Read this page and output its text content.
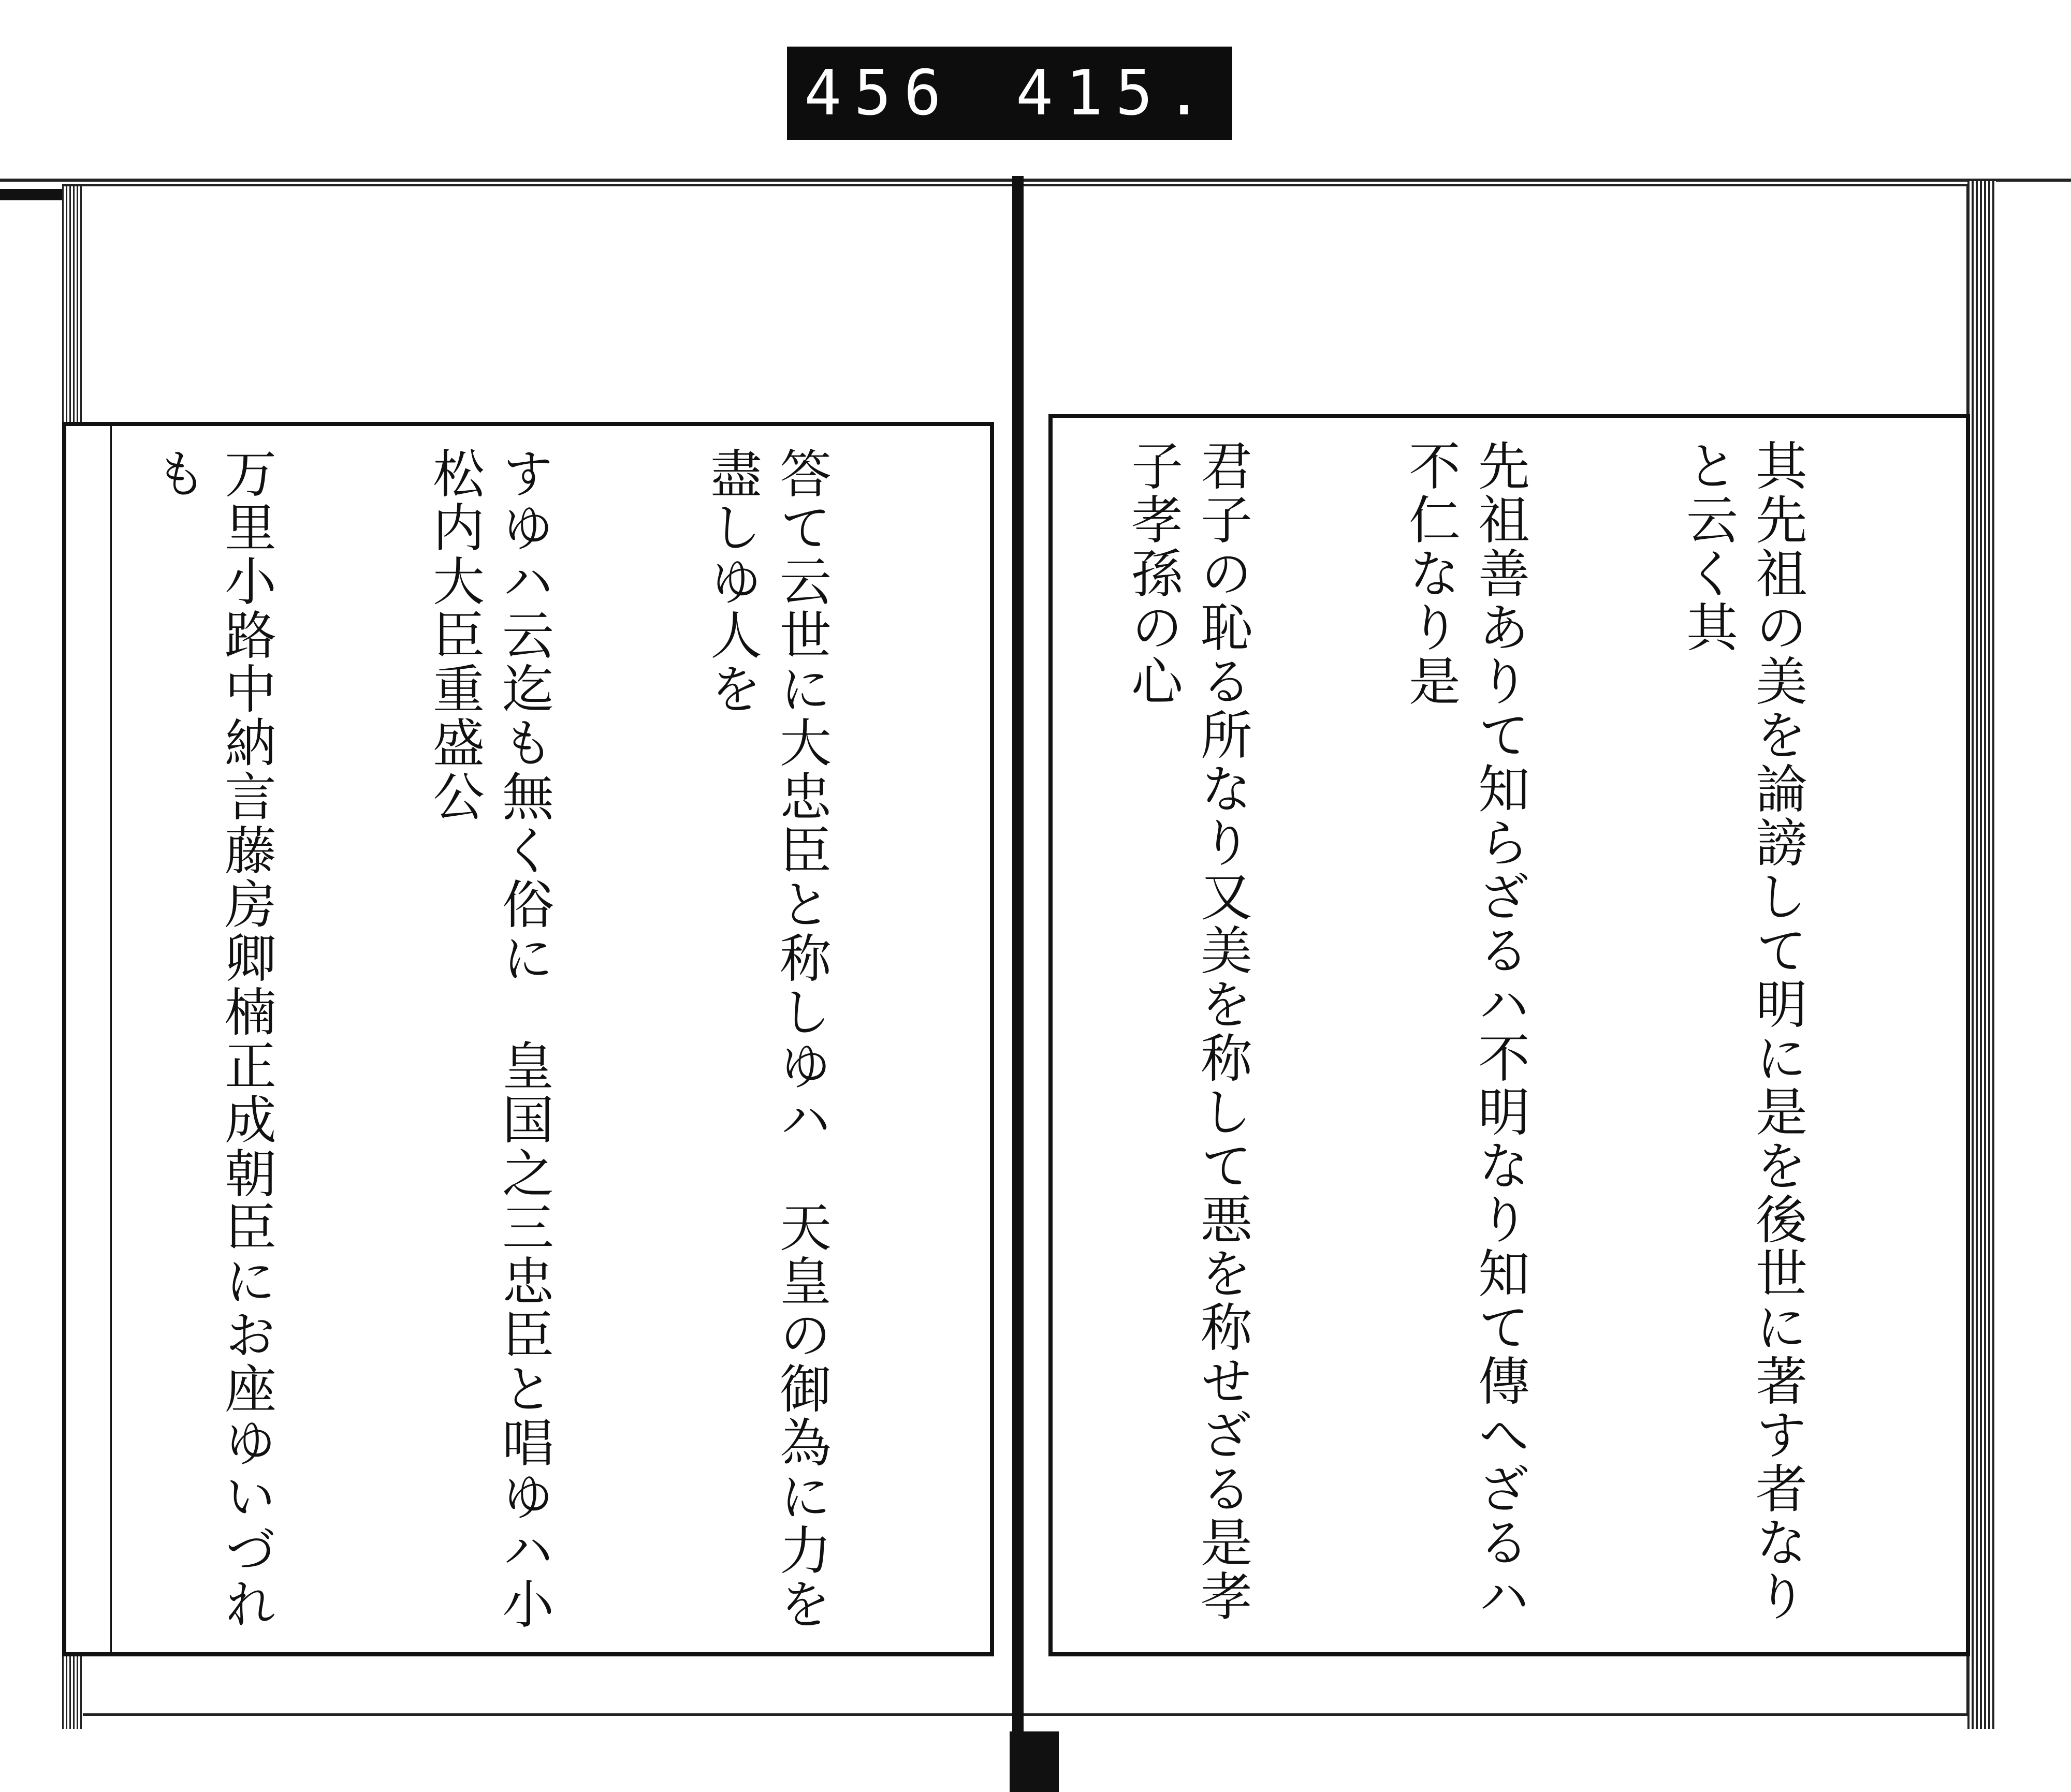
456 415.

其先祖の美を論謗して明に是を後世に著す者なりと云く其

先祖善ありて知らざるハ不明なり知て傳へざるハ不仁なり是

君子の恥る所なり又美を称して悪を称せざる是孝子孝孫の心

答て云世に大忠臣と称しゆハ　天皇の御為に力を盡しゆ人を

すゆハ云迄も無く俗に　皇国之三忠臣と唱ゆハ小松内大臣重盛公

万里小路中納言藤房卿楠正成朝臣にお座ゆいづれも
